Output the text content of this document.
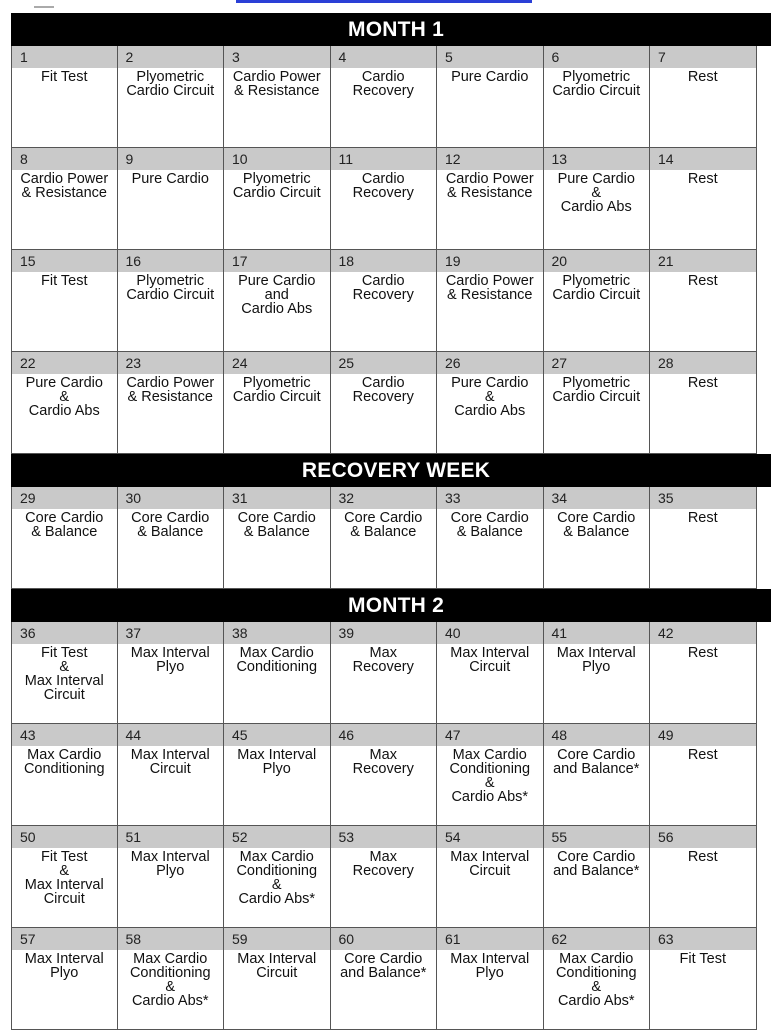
MONTH 1
1
Fit Test
2
Plyometric
Cardio Circuit
3
Cardio Power
& Resistance
4
Cardio
Recovery
5
Pure Cardio
6
Plyometric
Cardio Circuit
7
Rest
8
Cardio Power
& Resistance
9
Pure Cardio
10
Plyometric
Cardio Circuit
11
Cardio
Recovery
12
Cardio Power
& Resistance
13
Pure Cardio
&
Cardio Abs
14
Rest
15
Fit Test
16
Plyometric
Cardio Circuit
17
Pure Cardio
and
Cardio Abs
18
Cardio
Recovery
19
Cardio Power
& Resistance
20
Plyometric
Cardio Circuit
21
Rest
22
Pure Cardio
&
Cardio Abs
23
Cardio Power
& Resistance
24
Plyometric
Cardio Circuit
25
Cardio
Recovery
26
Pure Cardio
&
Cardio Abs
27
Plyometric
Cardio Circuit
28
Rest
RECOVERY WEEK
29
Core Cardio
& Balance
30
Core Cardio
& Balance
31
Core Cardio
& Balance
32
Core Cardio
& Balance
33
Core Cardio
& Balance
34
Core Cardio
& Balance
35
Rest
MONTH 2
36
Fit Test
&
Max Interval
Circuit
37
Max Interval
Plyo
38
Max Cardio
Conditioning
39
Max
Recovery
40
Max Interval
Circuit
41
Max Interval
Plyo
42
Rest
43
Max Cardio
Conditioning
44
Max Interval
Circuit
45
Max Interval
Plyo
46
Max
Recovery
47
Max Cardio
Conditioning
&
Cardio Abs*
48
Core Cardio
and Balance*
49
Rest
50
Fit Test
&
Max Interval
Circuit
51
Max Interval
Plyo
52
Max Cardio
Conditioning
&
Cardio Abs*
53
Max
Recovery
54
Max Interval
Circuit
55
Core Cardio
and Balance*
56
Rest
57
Max Interval
Plyo
58
Max Cardio
Conditioning
&
Cardio Abs*
59
Max Interval
Circuit
60
Core Cardio
and Balance*
61
Max Interval
Plyo
62
Max Cardio
Conditioning
&
Cardio Abs*
63
Fit Test
